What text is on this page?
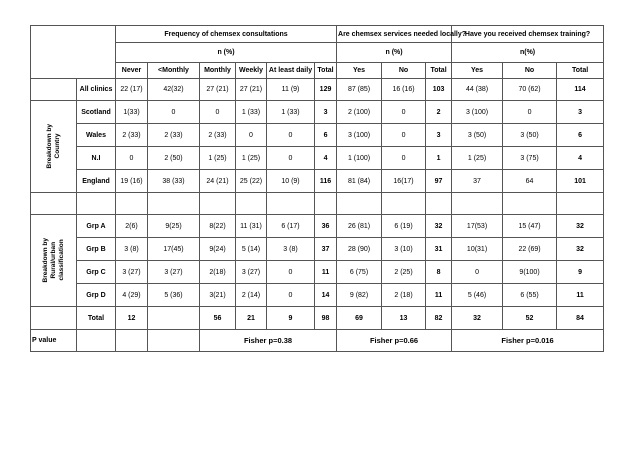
		Frequency of chemsex consultations						Are chemsex services needed locally?			Have you received chemsex training?		
		n (%)						n (%)			n(%)		
		Never	<Monthly	Monthly	Weekly	At least daily	Total	Yes	No	Total	Yes	No	Total
	All clinics	22 (17)	42(32)	27 (21)	27 (21)	11 (9)	129	87 (85)	16 (16)	103	44 (38)	70 (62)	114

Breakdown by
Country	Scotland	1(33)	0	0	1 (33)	1 (33)	3	2 (100)	0	2	3 (100)	0	3
	Wales	2 (33)	2 (33)	2 (33)	0	0	6	3 (100)	0	3	3 (50)	3 (50)	6
	N.I	0	2 (50)	1 (25)	1 (25)	0	4	1 (100)	0	1	1 (25)	3 (75)	4
	England	19 (16)	38 (33)	24 (21)	25 (22)	10 (9)	116	81 (84)	16(17)	97	37	64	101

Breakdown by
Rural/urban
classification	Grp A	2(6)	9(25)	8(22)	11 (31)	6 (17)	36	26 (81)	6 (19)	32	17(53)	15 (47)	32
	Grp B	3 (8)	17(45)	9(24)	5 (14)	3 (8)	37	28 (90)	3 (10)	31	10(31)	22 (69)	32
	Grp C	3 (27)	3 (27)	2(18)	3 (27)	0	11	6 (75)	2 (25)	8	0	9(100)	9
	Grp D	4 (29)	5 (36)	3(21)	2 (14)	0	14	9 (82)	2 (18)	11	5 (46)	6 (55)	11
	Total	12		56	21	9	98	69	13	82	32	52	84
P value				Fisher p=0.38				Fisher p=0.66			Fisher p=0.016		
